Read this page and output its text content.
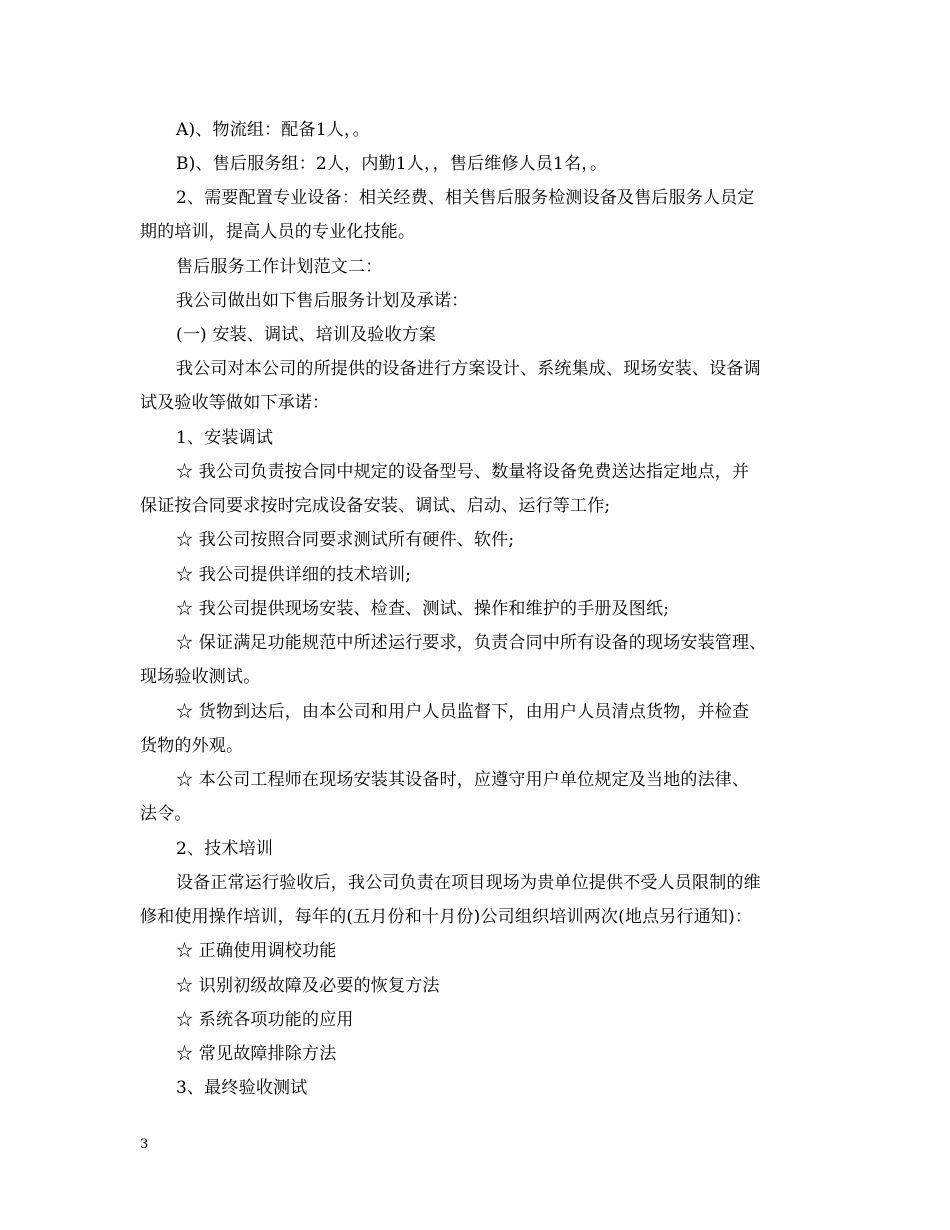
A)、物流组：配备1人，。
B)、售后服务组：2人，内勤1人，，售后维修人员1名，。
2、需要配置专业设备：相关经费、相关售后服务检测设备及售后服务人员定
期的培训，提高人员的专业化技能。
售后服务工作计划范文二：
我公司做出如下售后服务计划及承诺：
(一) 安装、调试、培训及验收方案
我公司对本公司的所提供的设备进行方案设计、系统集成、现场安装、设备调
试及验收等做如下承诺：
1、安装调试
☆ 我公司负责按合同中规定的设备型号、数量将设备免费送达指定地点，并
保证按合同要求按时完成设备安装、调试、启动、运行等工作;
☆ 我公司按照合同要求测试所有硬件、软件;
☆ 我公司提供详细的技术培训;
☆ 我公司提供现场安装、检查、测试、操作和维护的手册及图纸;
☆ 保证满足功能规范中所述运行要求，负责合同中所有设备的现场安装管理、
现场验收测试。
☆ 货物到达后，由本公司和用户人员监督下，由用户人员清点货物，并检查
货物的外观。
☆ 本公司工程师在现场安装其设备时，应遵守用户单位规定及当地的法律、
法令。
2、技术培训
设备正常运行验收后，我公司负责在项目现场为贵单位提供不受人员限制的维
修和使用操作培训，每年的(五月份和十月份)公司组织培训两次(地点另行通知)：
☆ 正确使用调校功能
☆ 识别初级故障及必要的恢复方法
☆ 系统各项功能的应用
☆ 常见故障排除方法
3、最终验收测试
3
